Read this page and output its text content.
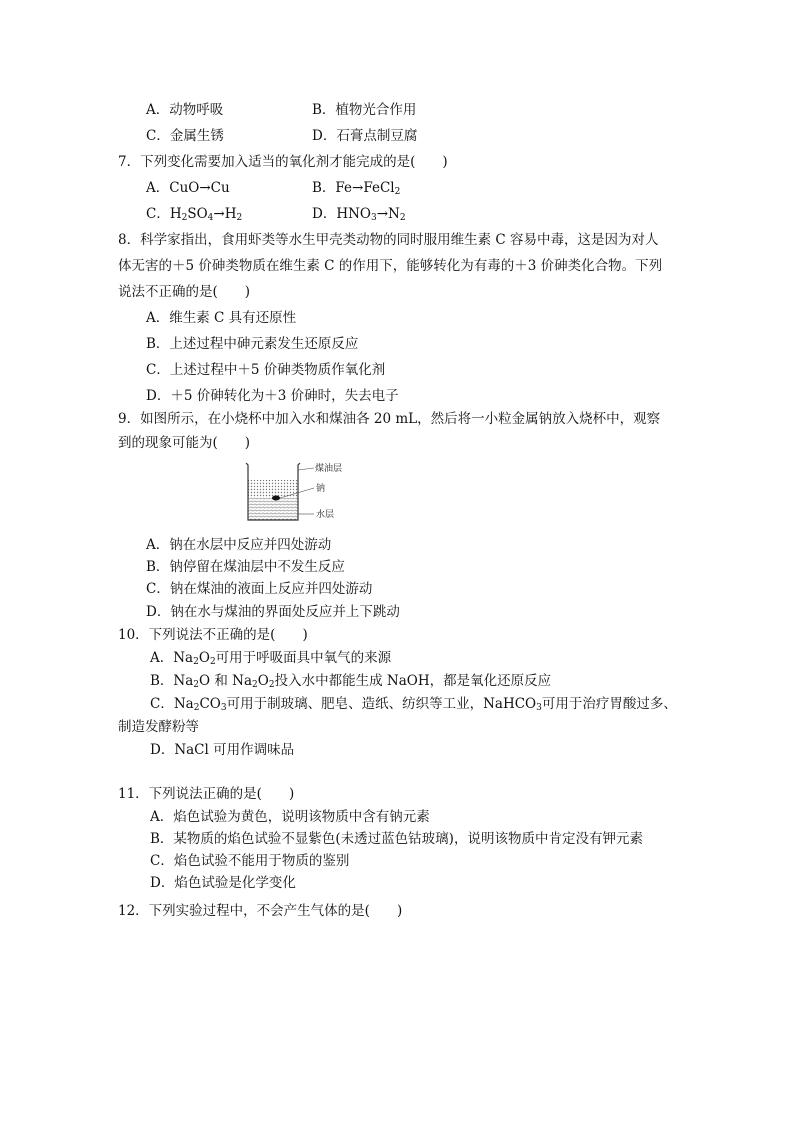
A．动物呼吸	B．植物光合作用
C．金属生锈	D．石膏点制豆腐
7．下列变化需要加入适当的氧化剂才能完成的是(　　)
A．CuO→Cu	B．Fe→FeCl$_2$
C．$H_2SO_4\to H_2$	D．$HNO_3\to N_2$
8．科学家指出，食用虾类等水生甲壳类动物的同时服用维生素 C 容易中毒，这是因为对人
体无害的＋5 价砷类物质在维生素 C 的作用下，能够转化为有毒的＋3 价砷类化合物。下列
说法不正确的是(　　)
A．维生素 C 具有还原性
B．上述过程中砷元素发生还原反应
C．上述过程中＋5 价砷类物质作氧化剂
D．＋5 价砷转化为＋3 价砷时，失去电子
9．如图所示，在小烧杯中加入水和煤油各 20 mL，然后将一小粒金属钠放入烧杯中，观察
到的现象可能为(　　)
煤油层
钠
水层
A．钠在水层中反应并四处游动
B．钠停留在煤油层中不发生反应
C．钠在煤油的液面上反应并四处游动
D．钠在水与煤油的界面处反应并上下跳动
10．下列说法不正确的是(　　)
A．$Na_2O_2$可用于呼吸面具中氧气的来源
B．$Na_2O$ 和 $Na_2O_2$投入水中都能生成 NaOH，都是氧化还原反应
C．$Na_2CO_3$可用于制玻璃、肥皂、造纸、纺织等工业，NaHCO$_3$可用于治疗胃酸过多、
制造发酵粉等
D．NaCl 可用作调味品
11．下列说法正确的是(　　)
A．焰色试验为黄色，说明该物质中含有钠元素
B．某物质的焰色试验不显紫色(未透过蓝色钴玻璃)，说明该物质中肯定没有钾元素
C．焰色试验不能用于物质的鉴别
D．焰色试验是化学变化
12．下列实验过程中，不会产生气体的是(　　)
